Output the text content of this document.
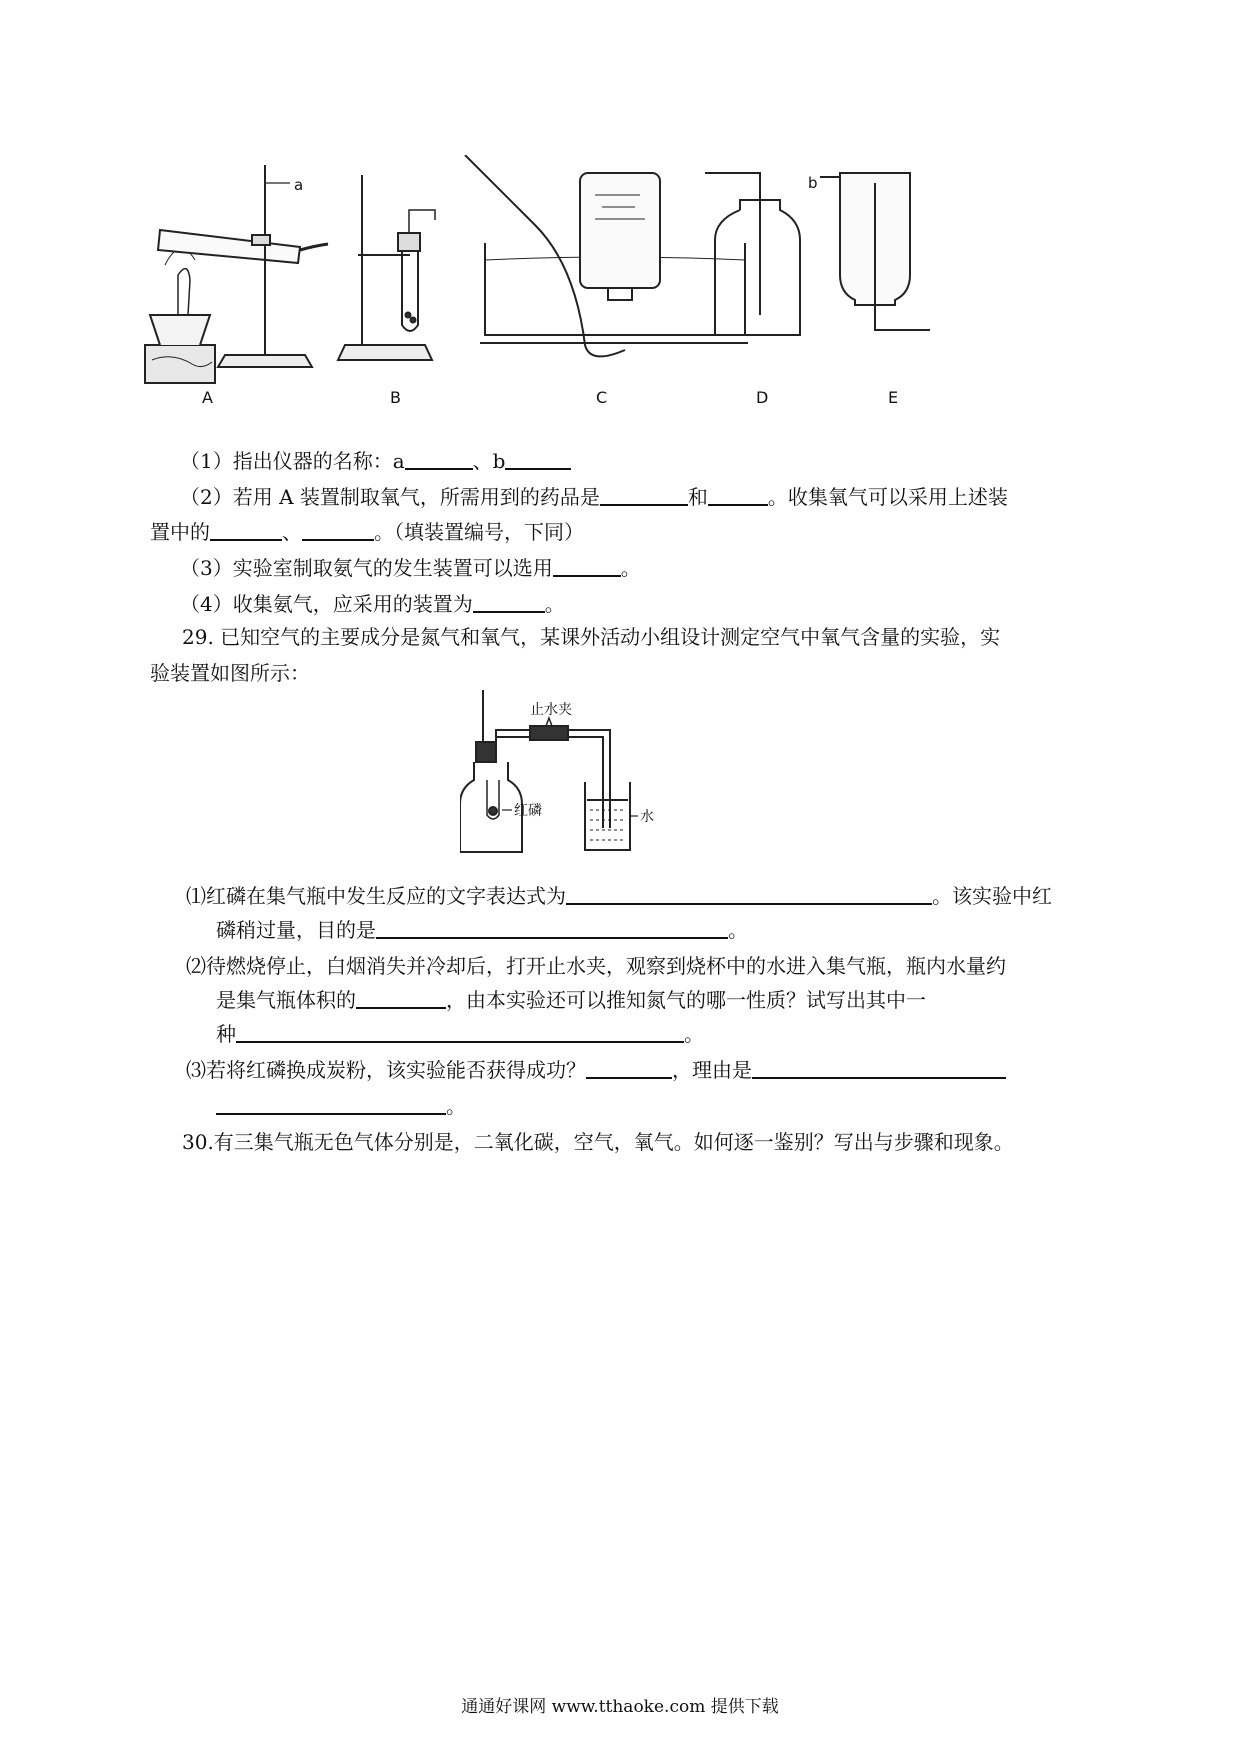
a	b
A	B	C	D	E
（1）指出仪器的名称：a	、b
（2）若用 A 装置制取氧气，所需用到的药品是	和	。收集氧气可以采用上述装
置中的	、	。（填装置编号，下同）
（3）实验室制取氨气的发生装置可以选用	。
（4）收集氨气，应采用的装置为	。
29. 已知空气的主要成分是氮气和氧气，某课外活动小组设计测定空气中氧气含量的实验，实
验装置如图所示：
止水夹
红磷	水
⑴红磷在集气瓶中发生反应的文字表达式为	。该实验中红
磷稍过量，目的是	。
⑵待燃烧停止，白烟消失并冷却后，打开止水夹，观察到烧杯中的水进入集气瓶，瓶内水量约
是集气瓶体积的	，由本实验还可以推知氮气的哪一性质？试写出其中一
种	。
⑶若将红磷换成炭粉，该实验能否获得成功？	，理由是
。
30.有三集气瓶无色气体分别是，二氧化碳，空气，氧气。如何逐一鉴别？写出与步骤和现象。
通通好课网 www.tthaoke.com 提供下载
